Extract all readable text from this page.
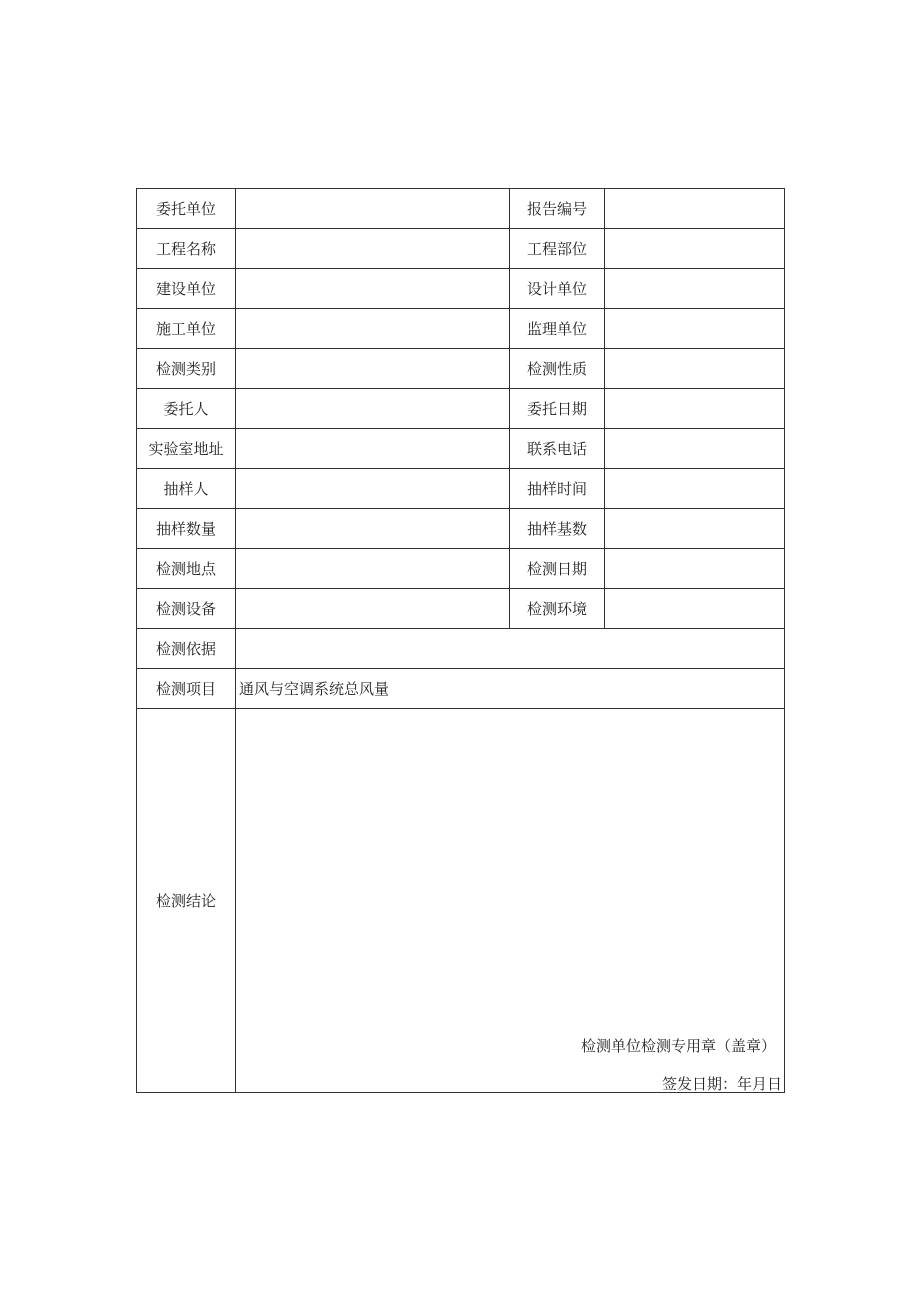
委托单位		报告编号	
工程名称		工程部位	
建设单位		设计单位	
施工单位		监理单位	
检测类别		检测性质	
委托人		委托日期	
实验室地址		联系电话	
抽样人		抽样时间	
抽样数量		抽样基数	
检测地点		检测日期	
检测设备		检测环境	
检测依据			
检测项目	通风与空调系统总风量		
检测结论	检测单位检测专用章（盖章）
签发日期：年月日		
